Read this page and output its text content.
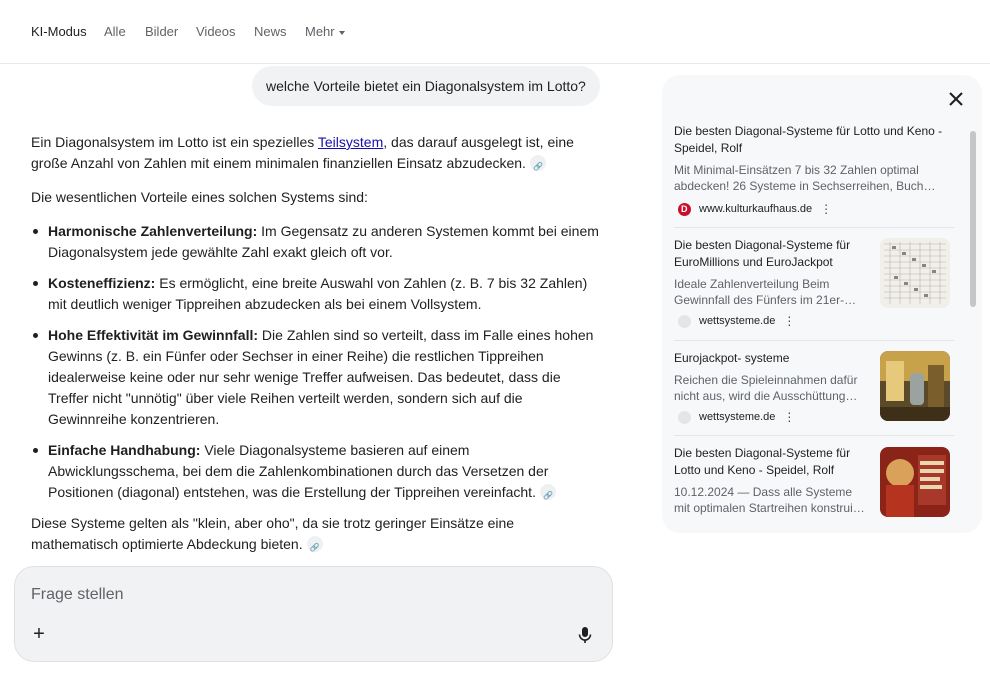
KI-Modus Alle Bilder Videos News Mehr
welche Vorteile bietet ein Diagonalsystem im Lotto?

Ein Diagonalsystem im Lotto ist ein spezielles Teilsystem, das darauf ausgelegt ist, eine große Anzahl von Zahlen mit einem minimalen finanziellen Einsatz abzudecken.🔗

Die wesentlichen Vorteile eines solchen Systems sind:

Harmonische Zahlenverteilung: Im Gegensatz zu anderen Systemen kommt bei einem Diagonalsystem jede gewählte Zahl exakt gleich oft vor.
Kosteneffizienz: Es ermöglicht, eine breite Auswahl von Zahlen (z. B. 7 bis 32 Zahlen) mit deutlich weniger Tippreihen abzudecken als bei einem Vollsystem.
Hohe Effektivität im Gewinnfall: Die Zahlen sind so verteilt, dass im Falle eines hohen Gewinns (z. B. ein Fünfer oder Sechser in einer Reihe) die restlichen Tippreihen idealerweise keine oder nur sehr wenige Treffer aufweisen. Das bedeutet, dass die Treffer nicht "unnötig" über viele Reihen verteilt werden, sondern sich auf die Gewinnreihe konzentrieren.
Einfache Handhabung: Viele Diagonalsysteme basieren auf einem Abwicklungsschema, bei dem die Zahlenkombinationen durch das Versetzen der Positionen (diagonal) entstehen, was die Erstellung der Tippreihen vereinfacht.🔗

Diese Systeme gelten als "klein, aber oho", da sie trotz geringer Einsätze eine mathematisch optimierte Abdeckung bieten.🔗

Frage stellen
+
Die besten Diagonal-Systeme für Lotto und Keno - Speidel, Rolf
Mit Minimal-Einsätzen 7 bis 32 Zahlen optimal abdecken! 26 Systeme in Sechserreihen, Buch…
D
www.kulturkaufhaus.de ⋮
Die besten Diagonal-Systeme für EuroMillions und EuroJackpot
Ideale Zahlenverteilung Beim Gewinnfall des Fünfers im 21er-…
wettsysteme.de ⋮
Eurojackpot- systeme
Reichen die Spieleinnahmen dafür nicht aus, wird die Ausschüttung…
wettsysteme.de ⋮
Die besten Diagonal-Systeme für Lotto und Keno - Speidel, Rolf
10.12.2024 — Dass alle Systeme mit optimalen Startreihen konstrui…
